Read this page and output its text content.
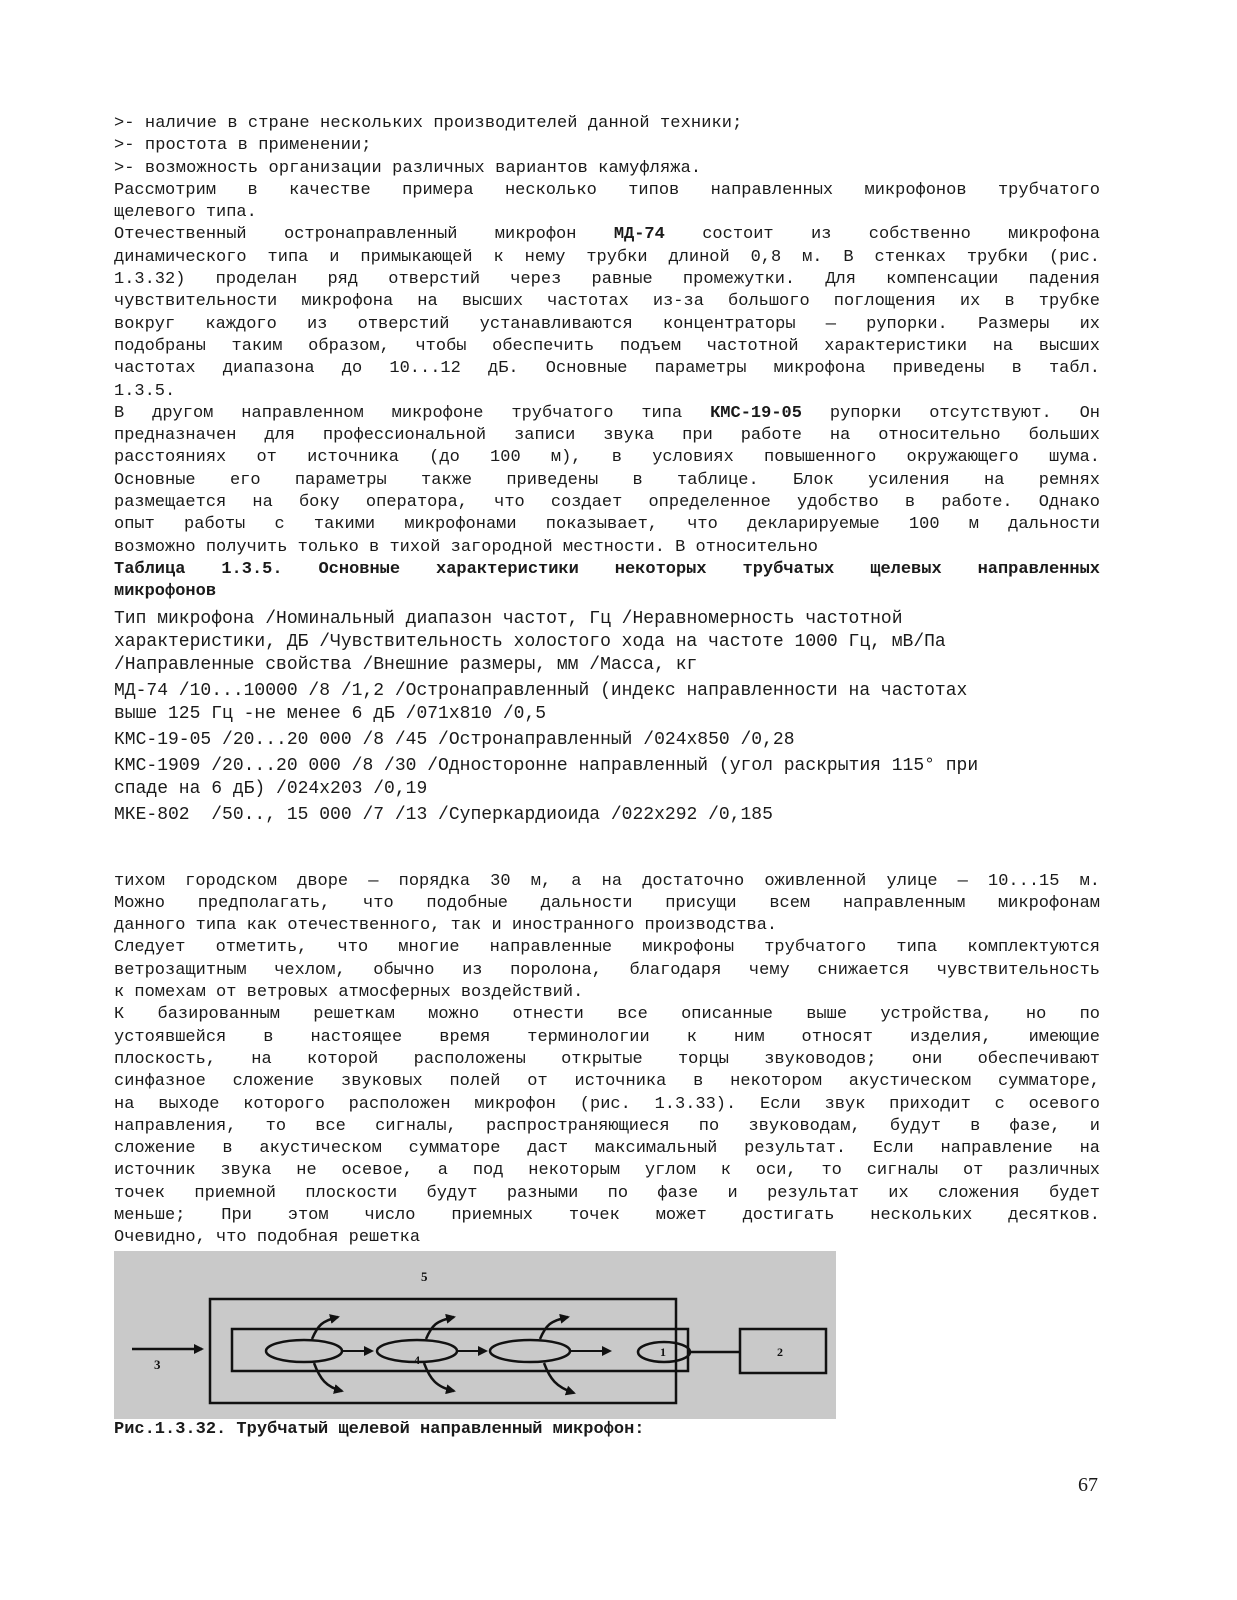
>- наличие в стране нескольких производителей данной техники;
>- простота в применении;
>- возможность организации различных вариантов камуфляжа.
Рассмотрим в качестве примера несколько типов направленных микрофонов трубчатого
щелевого типа.
Отечественный остронаправленный микрофон МД-74 состоит из собственно микрофона
динамического типа и примыкающей к нему трубки длиной 0,8 м. В стенках трубки (рис.
1.3.32) проделан ряд отверстий через равные промежутки. Для компенсации падения
чувствительности микрофона на высших частотах из-за большого поглощения их в трубке
вокруг каждого из отверстий устанавливаются концентраторы — рупорки. Размеры их
подобраны таким образом, чтобы обеспечить подъем частотной характеристики на высших
частотах диапазона до 10...12 дБ. Основные параметры микрофона приведены в табл.
1.3.5.
В другом направленном микрофоне трубчатого типа КМС-19-05 рупорки отсутствуют. Он
предназначен для профессиональной записи звука при работе на относительно больших
расстояниях от источника (до 100 м), в условиях повышенного окружающего шума.
Основные его параметры также приведены в таблице. Блок усиления на ремнях
размещается на боку оператора, что создает определенное удобство в работе. Однако
опыт работы с такими микрофонами показывает, что декларируемые 100 м дальности
возможно получить только в тихой загородной местности. В относительно
Таблица 1.3.5. Основные характеристики некоторых трубчатых щелевых направленных
микрофонов
Тип микрофона /Номинальный диапазон частот, Гц /Неравномерность частотной
характеристики, ДБ /Чувствительность холостого хода на частоте 1000 Гц, мВ/Па
/Направленные свойства /Внешние размеры, мм /Масса, кг
МД-74 /10...10000 /8 /1,2 /Остронаправленный (индекс направленности на частотах
выше 125 Гц -не менее 6 дБ /071x810 /0,5
КМС-19-05 /20...20 000 /8 /45 /Остронаправленный /024x850 /0,28
КМС-1909 /20...20 000 /8 /30 /Односторонне направленный (угол раскрытия 115° при
спаде на 6 дБ) /024x203 /0,19
МКЕ-802  /50.., 15 000 /7 /13 /Суперкардиоида /022x292 /0,185
тихом городском дворе — порядка 30 м, а на достаточно оживленной улице — 10...15 м.
Можно предполагать, что подобные дальности присущи всем направленным микрофонам
данного типа как отечественного, так и иностранного производства.
Следует отметить, что многие направленные микрофоны трубчатого типа комплектуются
ветрозащитным чехлом, обычно из поролона, благодаря чему снижается чувствительность
к помехам от ветровых атмосферных воздействий.
К базированным решеткам можно отнести все описанные выше устройства, но по
устоявшейся в настоящее время терминологии к ним относят изделия, имеющие
плоскость, на которой расположены открытые торцы звуководов; они обеспечивают
синфазное сложение звуковых полей от источника в некотором акустическом сумматоре,
на выходе которого расположен микрофон (рис. 1.3.33). Если звук приходит с осевого
направления, то все сигналы, распространяющиеся по звуководам, будут в фазе, и
сложение в акустическом сумматоре даст максимальный результат. Если направление на
источник звука не осевое, а под некоторым углом к оси, то сигналы от различных
точек приемной плоскости будут разными по фазе и результат их сложения будет
меньше; При этом число приемных точек может достигать нескольких десятков.
Очевидно, что подобная решетка
5
3	4
1	2
Рис.1.3.32. Трубчатый щелевой направленный микрофон:
67
